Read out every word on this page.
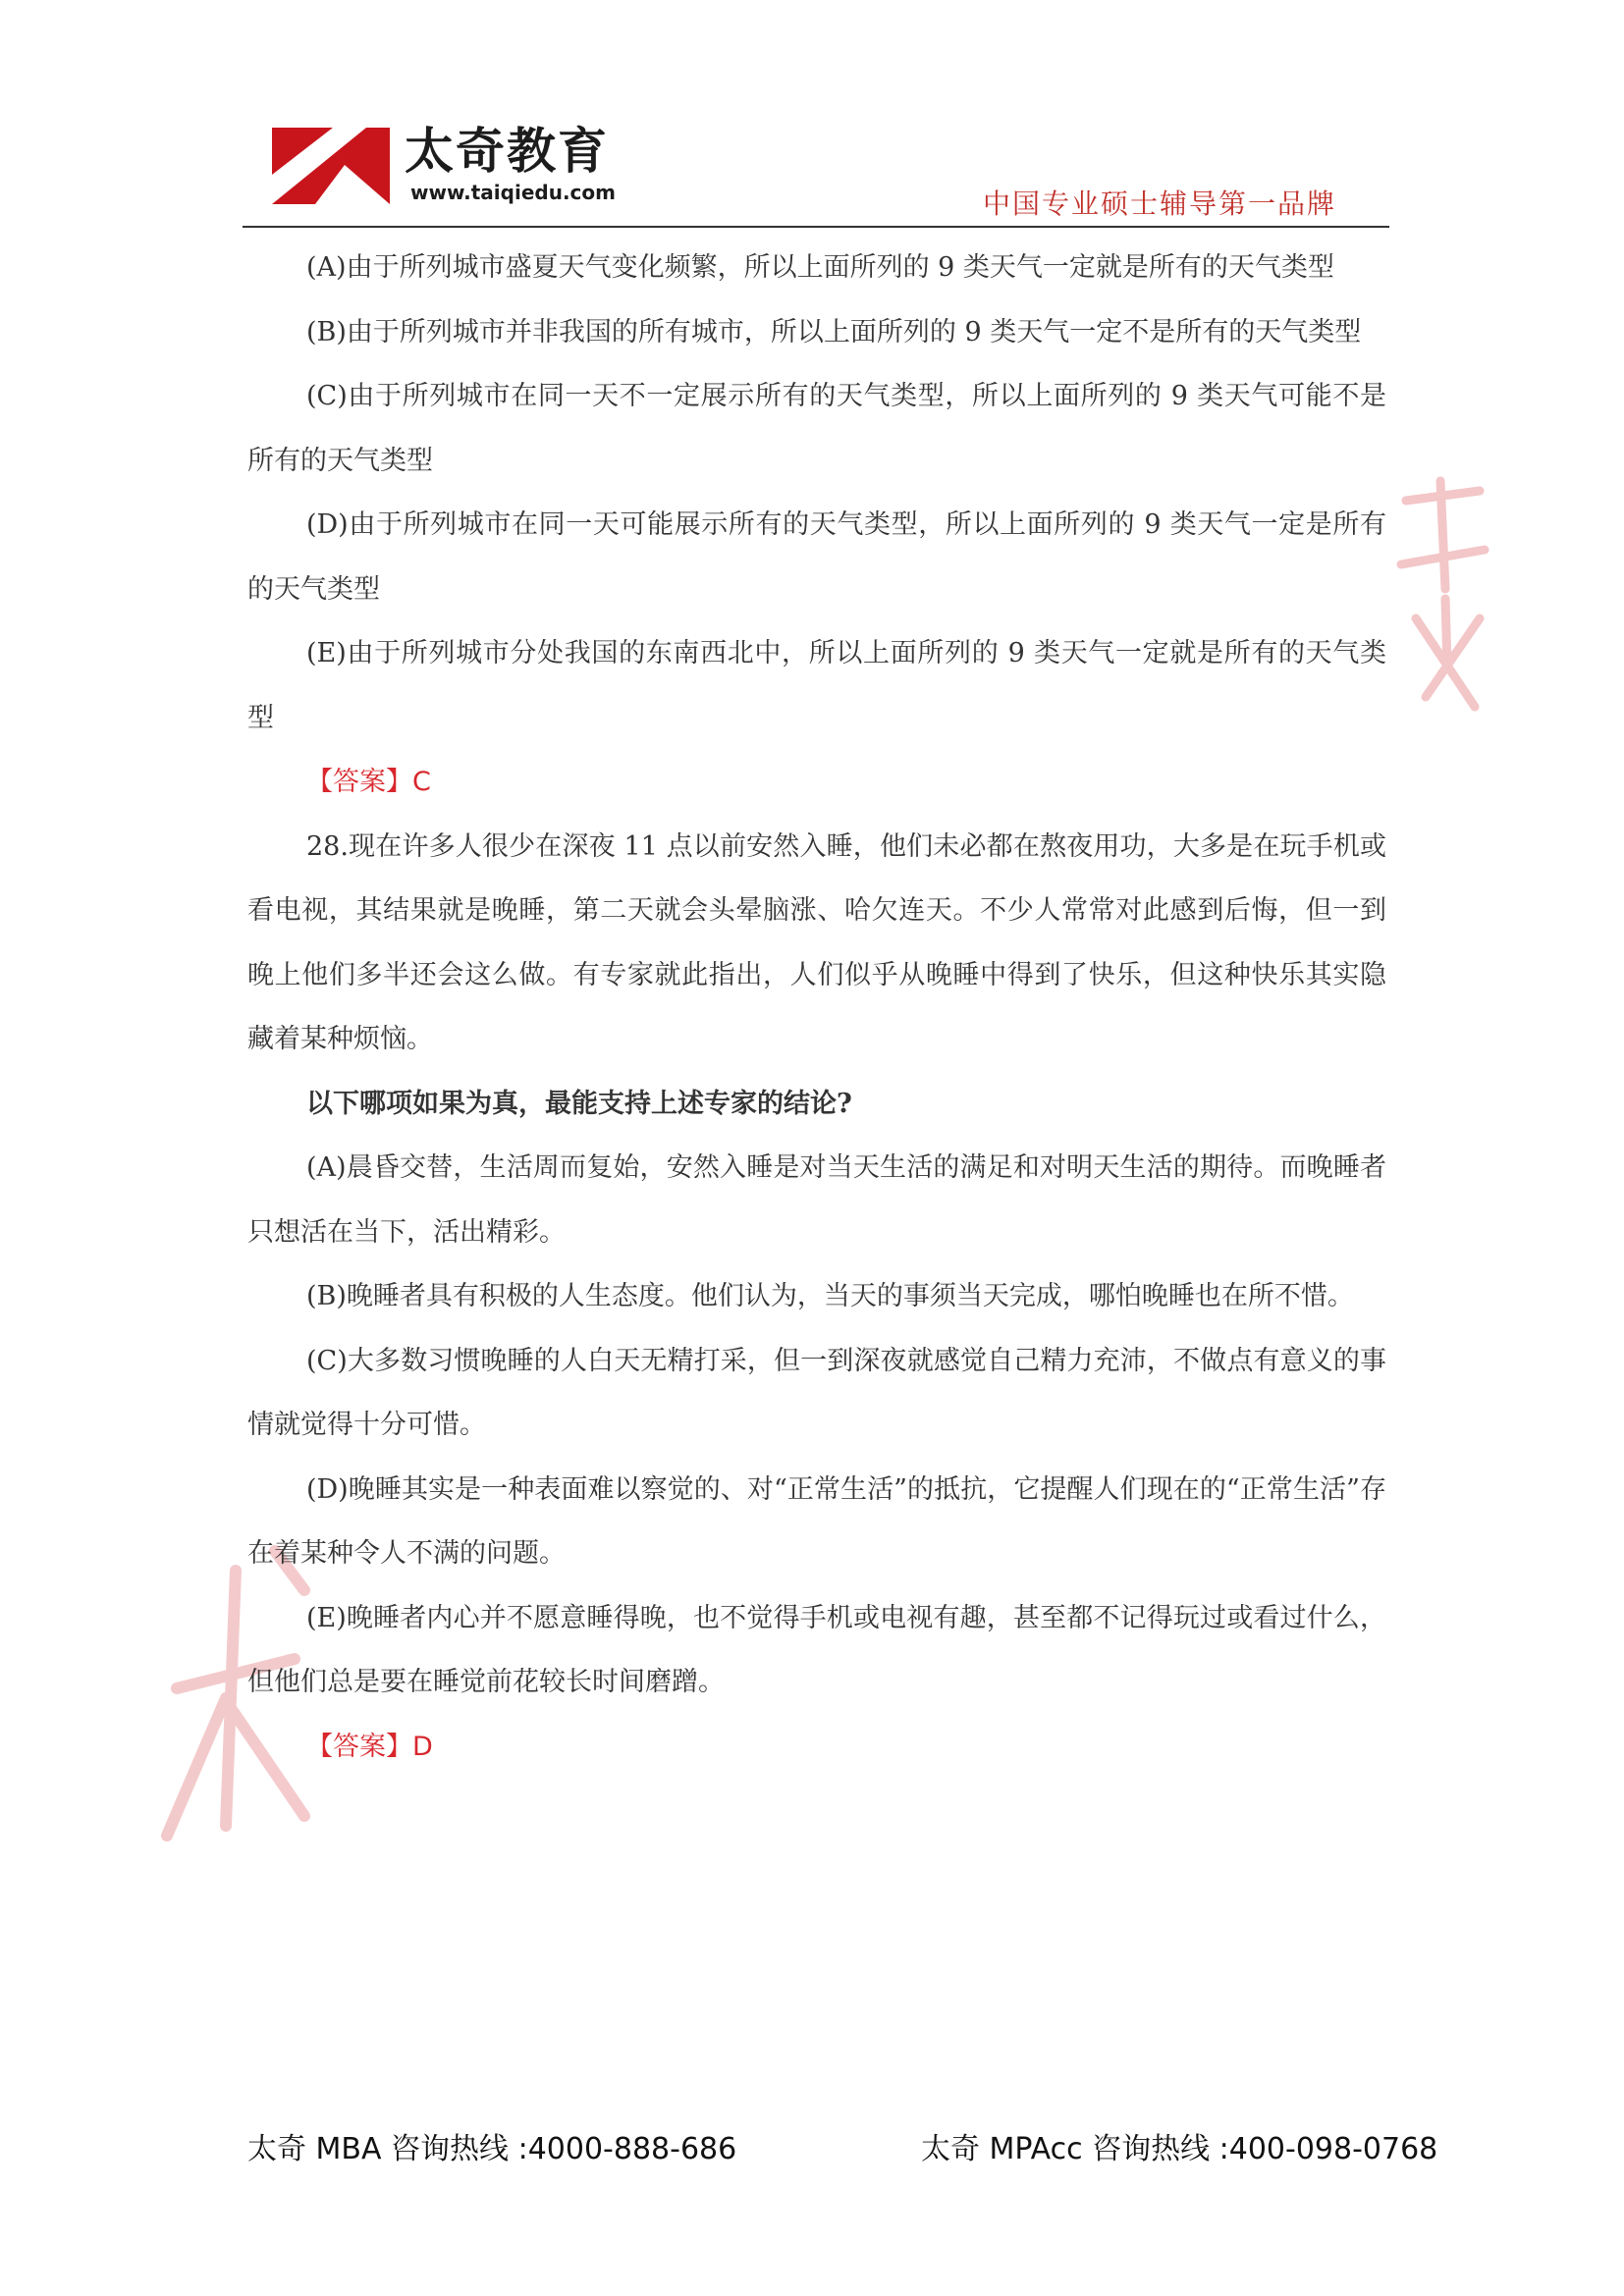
太奇教育
www.taiqiedu.com	中国专业硕士辅导第一品牌

(A)由于所列城市盛夏天气变化频繁，所以上面所列的 9 类天气一定就是所有的天气类型

(B)由于所列城市并非我国的所有城市，所以上面所列的 9 类天气一定不是所有的天气类型

(C)由于所列城市在同一天不一定展示所有的天气类型，所以上面所列的 9 类天气可能不是所有的天气类型

(D)由于所列城市在同一天可能展示所有的天气类型，所以上面所列的 9 类天气一定是所有的天气类型

(E)由于所列城市分处我国的东南西北中，所以上面所列的 9 类天气一定就是所有的天气类型

【答案】C

28.现在许多人很少在深夜 11 点以前安然入睡，他们未必都在熬夜用功，大多是在玩手机或看电视，其结果就是晚睡，第二天就会头晕脑涨、哈欠连天。不少人常常对此感到后悔，但一到晚上他们多半还会这么做。有专家就此指出，人们似乎从晚睡中得到了快乐，但这种快乐其实隐藏着某种烦恼。

以下哪项如果为真，最能支持上述专家的结论?

(A)晨昏交替，生活周而复始，安然入睡是对当天生活的满足和对明天生活的期待。而晚睡者只想活在当下，活出精彩。

(B)晚睡者具有积极的人生态度。他们认为，当天的事须当天完成，哪怕晚睡也在所不惜。

(C)大多数习惯晚睡的人白天无精打采，但一到深夜就感觉自己精力充沛，不做点有意义的事情就觉得十分可惜。

(D)晚睡其实是一种表面难以察觉的、对“正常生活”的抵抗，它提醒人们现在的“正常生活”存在着某种令人不满的问题。

(E)晚睡者内心并不愿意睡得晚，也不觉得手机或电视有趣，甚至都不记得玩过或看过什么，但他们总是要在睡觉前花较长时间磨蹭。

【答案】D

太奇 MBA 咨询热线 :4000-888-686	太奇 MPAcc 咨询热线 :400-098-0768
